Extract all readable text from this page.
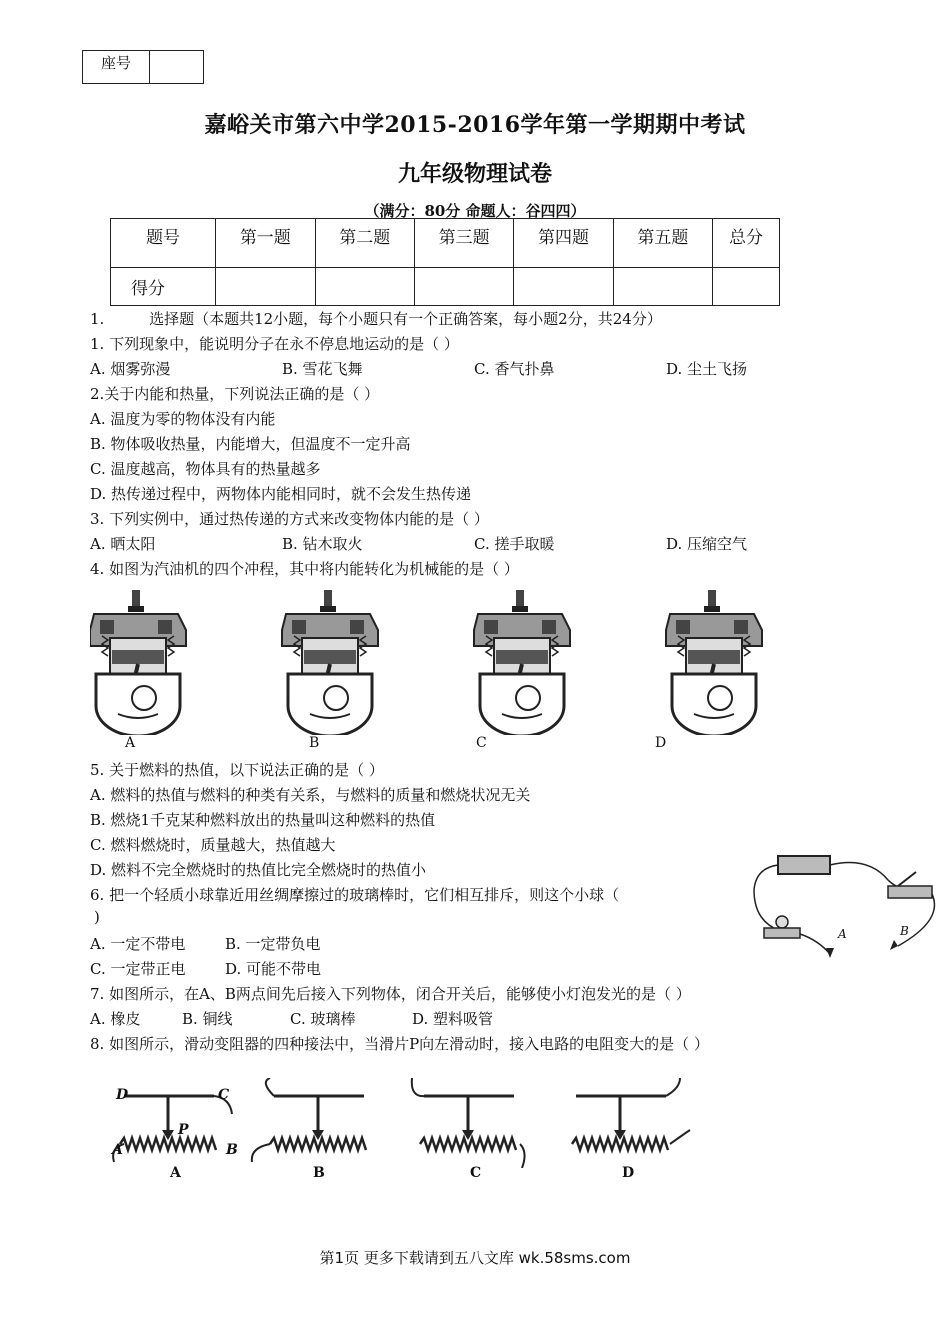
座号
嘉峪关市第六中学2015-2016学年第一学期期中考试
九年级物理试卷
（满分：80分 命题人：谷四四）
题号	第一题	第二题	第三题	第四题	第五题	总分
得分						
1.	选择题（本题共12小题，每个小题只有一个正确答案，每小题2分，共24分）
1. 下列现象中，能说明分子在永不停息地运动的是（ ）
A. 烟雾弥漫	B. 雪花飞舞	C. 香气扑鼻	D. 尘土飞扬
2.关于内能和热量，下列说法正确的是（ ）
A. 温度为零的物体没有内能
B. 物体吸收热量，内能增大，但温度不一定升高
C. 温度越高，物体具有的热量越多
D. 热传递过程中，两物体内能相同时，就不会发生热传递
3. 下列实例中，通过热传递的方式来改变物体内能的是（ ）
A. 晒太阳	B. 钻木取火	C. 搓手取暖	D. 压缩空气
4. 如图为汽油机的四个冲程，其中将内能转化为机械能的是（ ）
A	B	C	D
5. 关于燃料的热值，以下说法正确的是（ ）
A. 燃料的热值与燃料的种类有关系，与燃料的质量和燃烧状况无关
B. 燃烧1千克某种燃料放出的热量叫这种燃料的热值
C. 燃料燃烧时，质量越大，热值越大
D. 燃料不完全燃烧时的热值比完全燃烧时的热值小
A	B
6. 把一个轻质小球靠近用丝绸摩擦过的玻璃棒时，它们相互排斥，则这个小球（
)
A. 一定不带电	B. 一定带负电
C. 一定带正电	D. 可能不带电
7. 如图所示，在A、B两点间先后接入下列物体，闭合开关后，能够使小灯泡发光的是（ ）
A. 橡皮	B. 铜线	C. 玻璃棒	D. 塑料吸管
8. 如图所示，滑动变阻器的四种接法中，当滑片P向左滑动时，接入电路的电阻变大的是（ ）
D	C
P
A	B
A	B	C	D
第1页 更多下载请到五八文库 wk.58sms.com
